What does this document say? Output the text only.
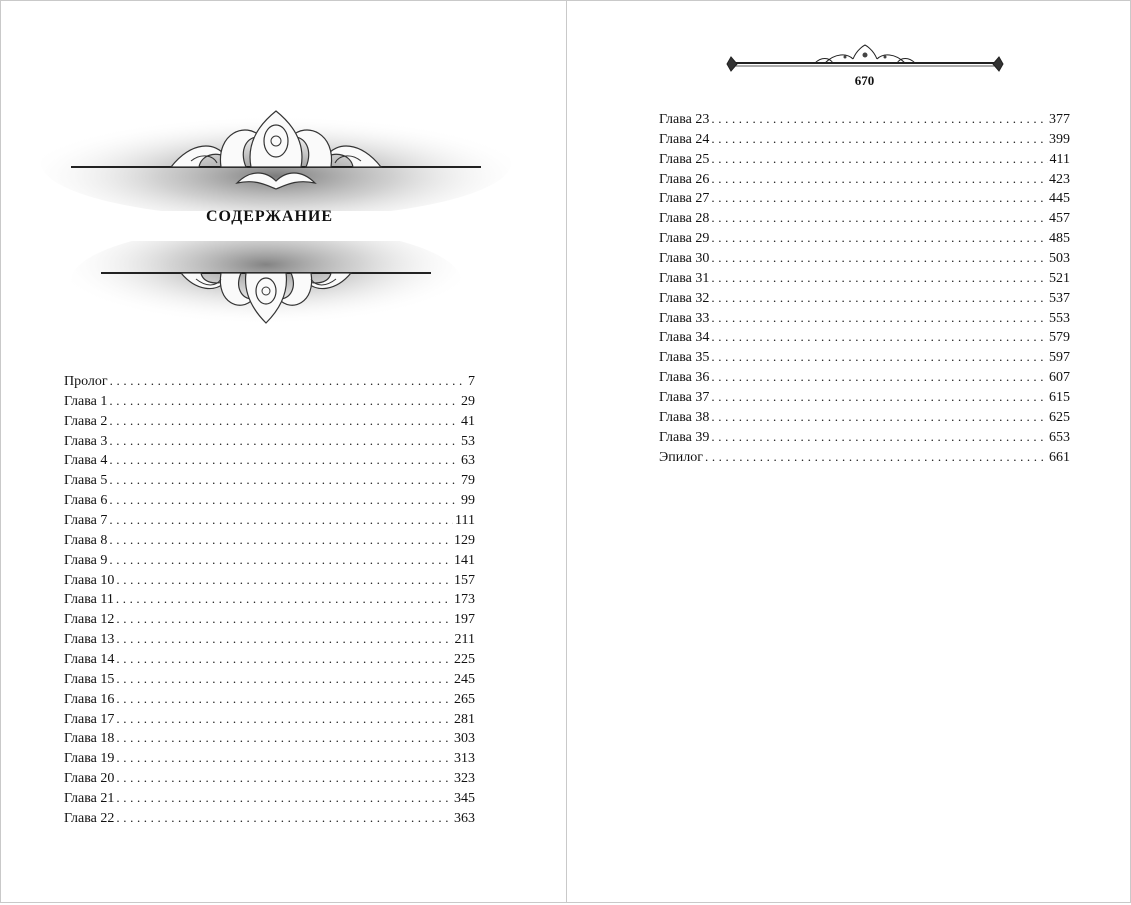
СОДЕРЖАНИЕ
Пролог .....	7
Глава 1 .....	29
Глава 2 .....	41
Глава 3 .....	53
Глава 4 .....	63
Глава 5 .....	79
Глава 6 .....	99
Глава 7 .....	111
Глава 8 .....	129
Глава 9 .....	141
Глава 10 .....	157
Глава 11 .....	173
Глава 12 .....	197
Глава 13 .....	211
Глава 14 .....	225
Глава 15 .....	245
Глава 16 .....	265
Глава 17 .....	281
Глава 18 .....	303
Глава 19 .....	313
Глава 20 .....	323
Глава 21 .....	345
Глава 22 .....	363
670
Глава 23 .....	377
Глава 24 .....	399
Глава 25 .....	411
Глава 26 .....	423
Глава 27 .....	445
Глава 28 .....	457
Глава 29 .....	485
Глава 30 .....	503
Глава 31 .....	521
Глава 32 .....	537
Глава 33 .....	553
Глава 34 .....	579
Глава 35 .....	597
Глава 36 .....	607
Глава 37 .....	615
Глава 38 .....	625
Глава 39 .....	653
Эпилог .....	661
